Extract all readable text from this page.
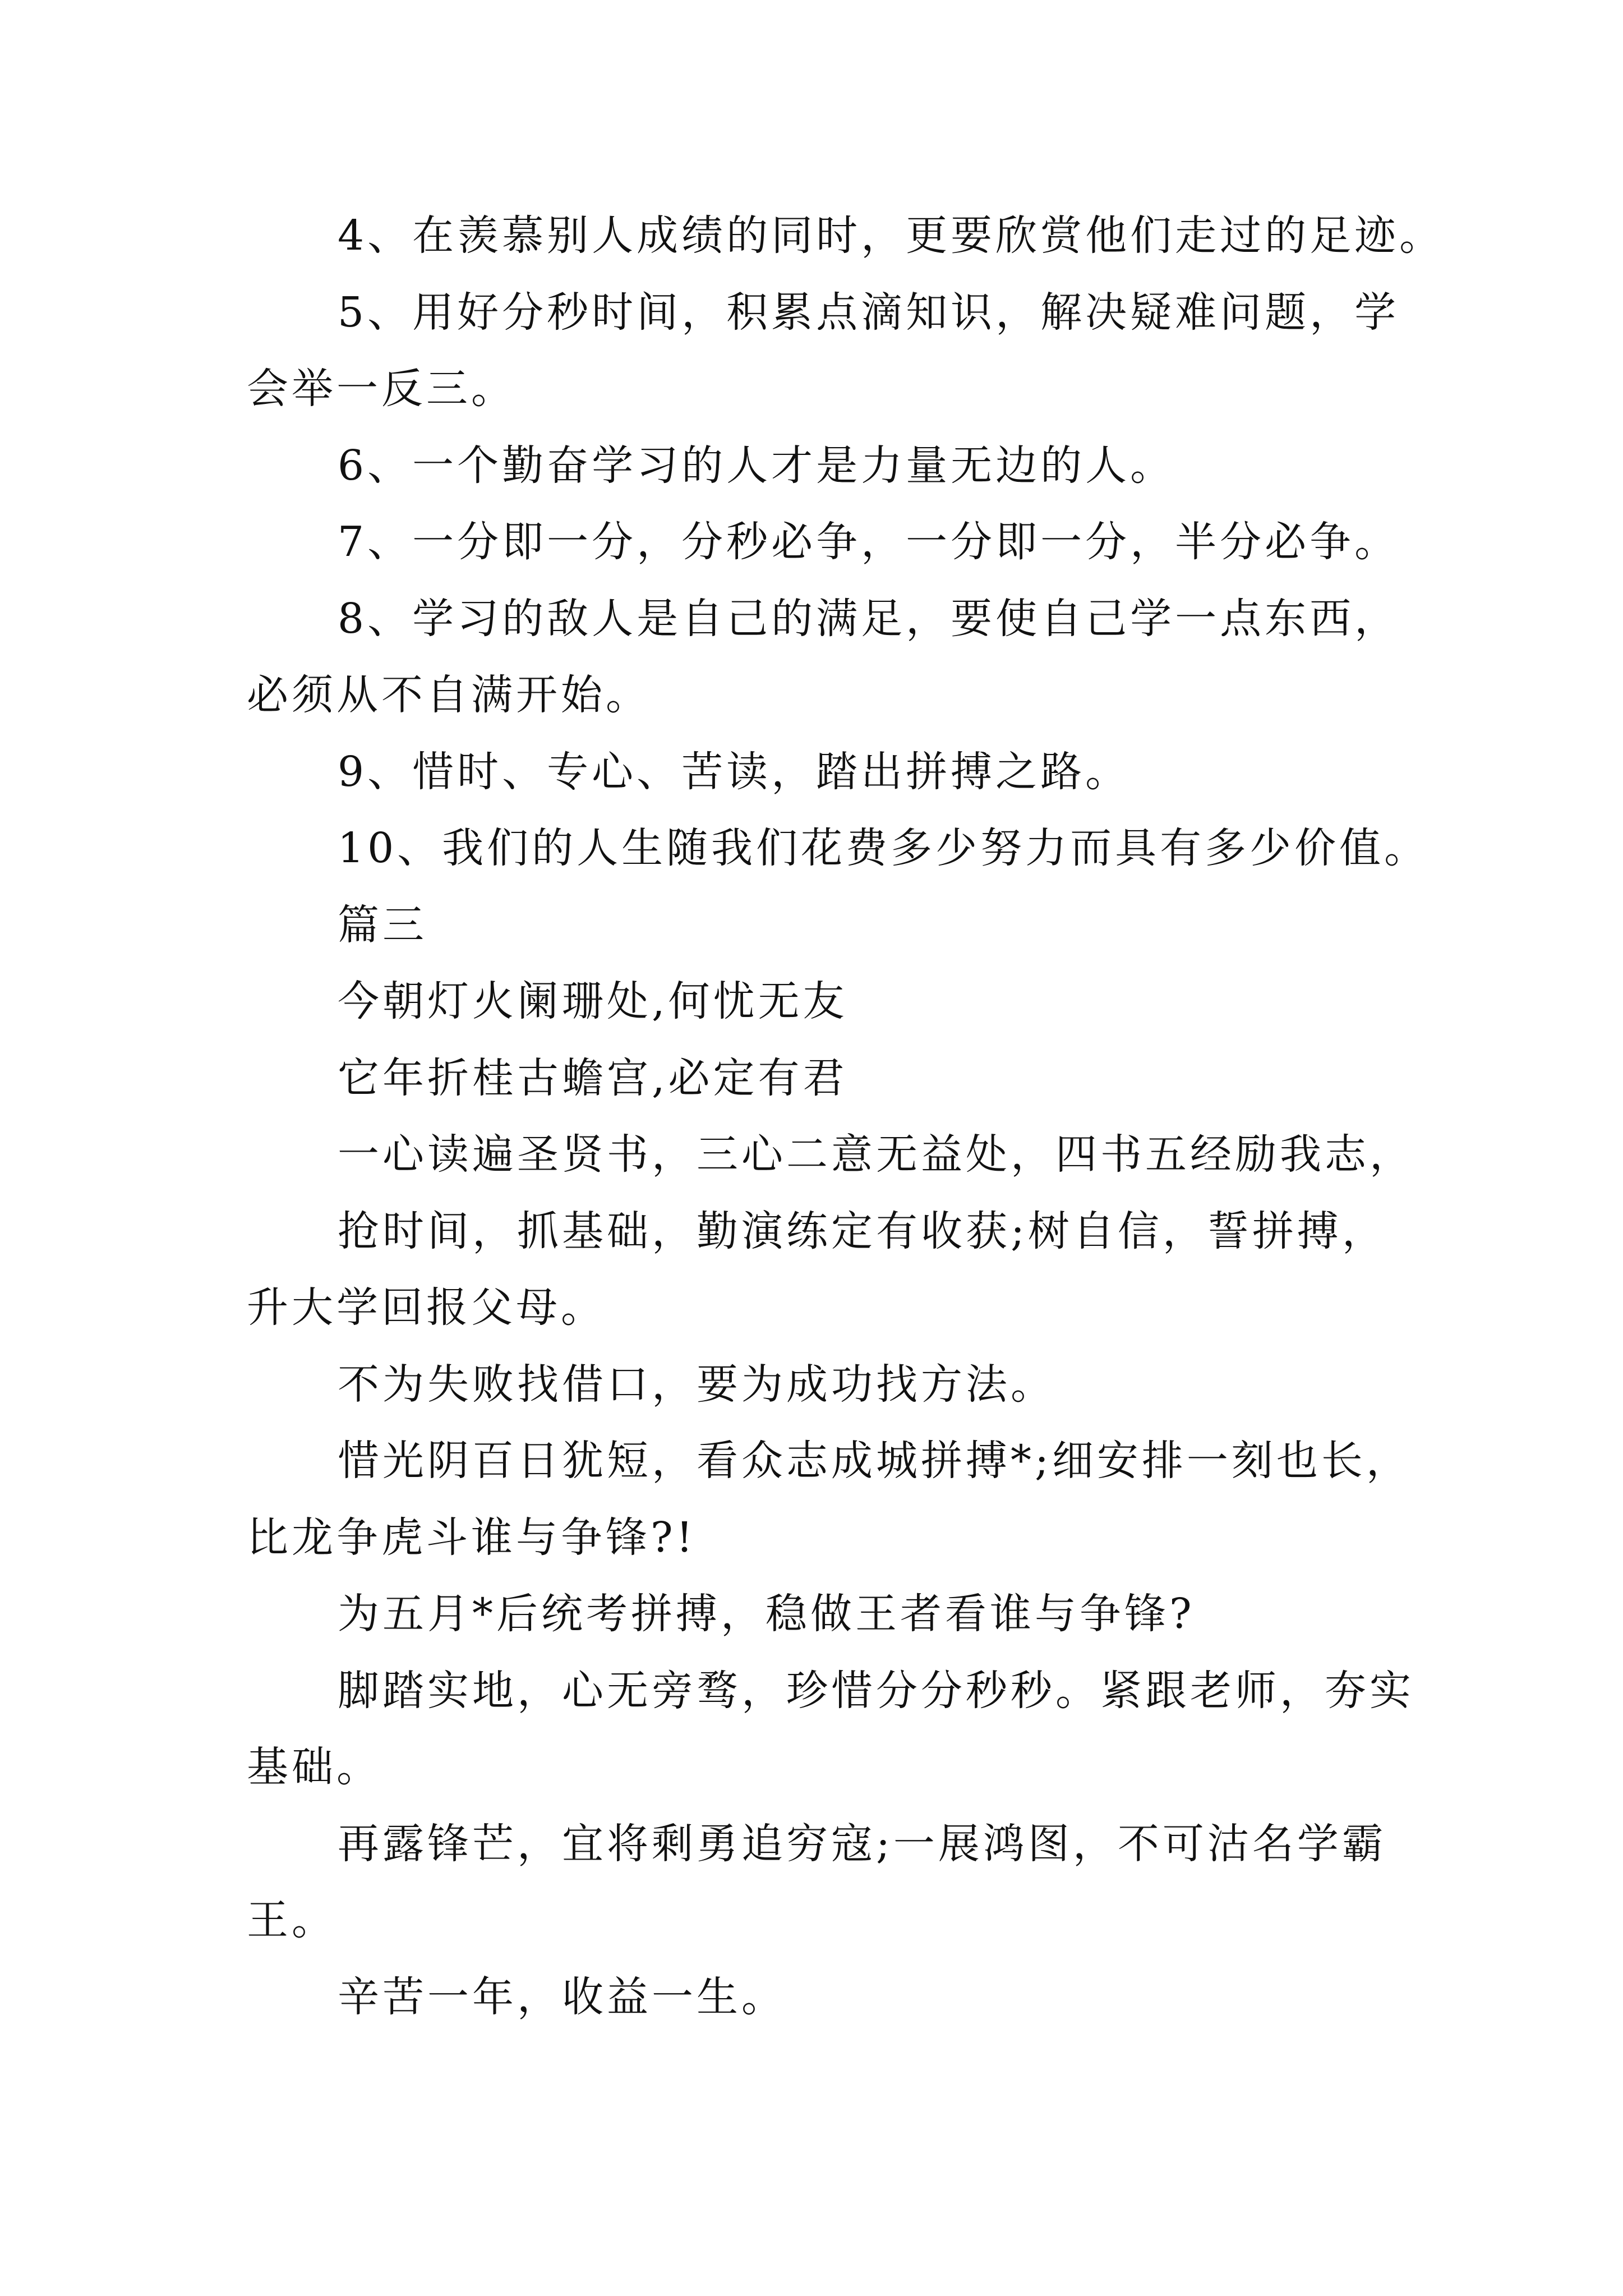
4、在羡慕别人成绩的同时，更要欣赏他们走过的足迹。
5、用好分秒时间，积累点滴知识，解决疑难问题，学
会举一反三。
6、一个勤奋学习的人才是力量无边的人。
7、一分即一分，分秒必争，一分即一分，半分必争。
8、学习的敌人是自己的满足，要使自己学一点东西，
必须从不自满开始。
9、惜时、专心、苦读，踏出拼搏之路。
10、我们的人生随我们花费多少努力而具有多少价值。
篇三
今朝灯火阑珊处,何忧无友
它年折桂古蟾宫,必定有君
一心读遍圣贤书，三心二意无益处，四书五经励我志，
抢时间，抓基础，勤演练定有收获;树自信，誓拼搏，
升大学回报父母。
不为失败找借口，要为成功找方法。
惜光阴百日犹短，看众志成城拼搏*;细安排一刻也长，
比龙争虎斗谁与争锋?!
为五月*后统考拼搏，稳做王者看谁与争锋?
脚踏实地，心无旁骛，珍惜分分秒秒。紧跟老师，夯实
基础。
再露锋芒，宜将剩勇追穷寇;一展鸿图，不可沽名学霸
王。
辛苦一年，收益一生。
